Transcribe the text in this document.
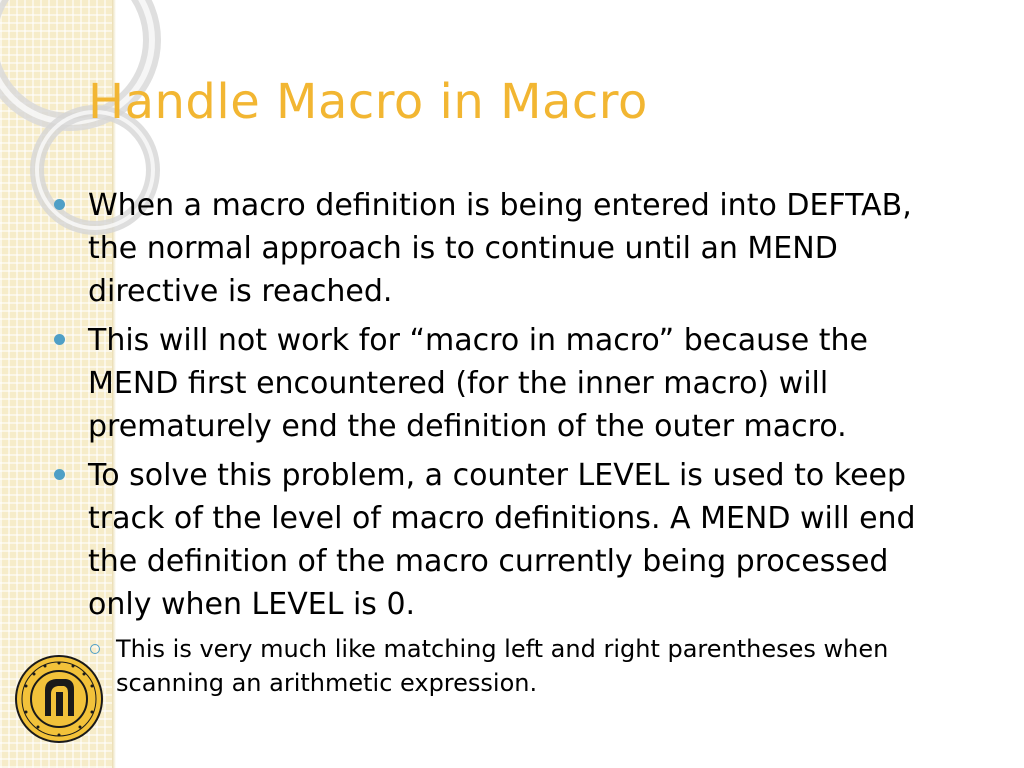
Handle Macro in Macro
When a macro definition is being entered into DEFTAB, the normal approach is to continue until an MEND directive is reached.
This will not work for “macro in macro” because the MEND first encountered (for the inner macro) will prematurely end the definition of the outer macro.
To solve this problem, a counter LEVEL is used to keep track of the level of macro definitions. A MEND will end the definition of the macro currently being processed only when LEVEL is 0.
This is very much like matching left and right parentheses when scanning an arithmetic expression.
